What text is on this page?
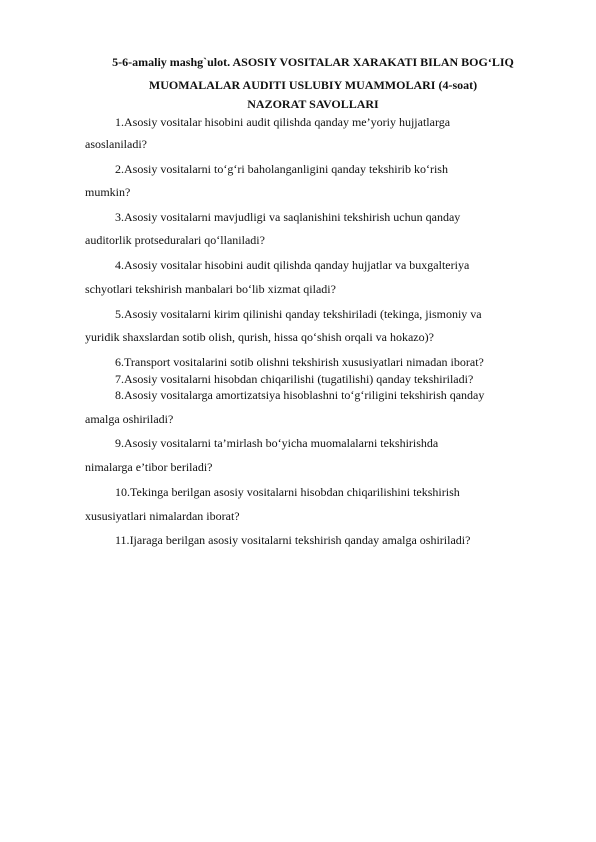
5-6-amaliy mashg`ulot. ASOSIY VOSITALAR XARAKATI BILAN BOG‘LIQ
MUOMALALAR AUDITI USLUBIY MUAMMOLARI (4-soat)
NAZORAT SAVOLLARI
1.Asosiy vositalar hisobini audit qilishda qanday me’yoriy hujjatlarga
asoslaniladi?
2.Asosiy vositalarni to‘g‘ri baholanganligini qanday tekshirib ko‘rish
mumkin?
3.Asosiy vositalarni mavjudligi va saqlanishini tekshirish uchun qanday
auditorlik protseduralari qo‘llaniladi?
4.Asosiy vositalar hisobini audit qilishda qanday hujjatlar va buxgalteriya
schyotlari tekshirish manbalari bo‘lib xizmat qiladi?
5.Asosiy vositalarni kirim qilinishi qanday tekshiriladi (tekinga, jismoniy va
yuridik shaxslardan sotib olish, qurish, hissa qo‘shish orqali va hokazo)?
6.Transport vositalarini sotib olishni tekshirish xususiyatlari nimadan iborat?
7.Asosiy vositalarni hisobdan chiqarilishi (tugatilishi) qanday tekshiriladi?
8.Asosiy vositalarga amortizatsiya hisoblashni to‘g‘riligini tekshirish qanday
amalga oshiriladi?
9.Asosiy vositalarni ta’mirlash bo‘yicha muomalalarni tekshirishda
nimalarga e’tibor beriladi?
10.Tekinga berilgan asosiy vositalarni hisobdan chiqarilishini tekshirish
xususiyatlari nimalardan iborat?
11.Ijaraga berilgan asosiy vositalarni tekshirish qanday amalga oshiriladi?
